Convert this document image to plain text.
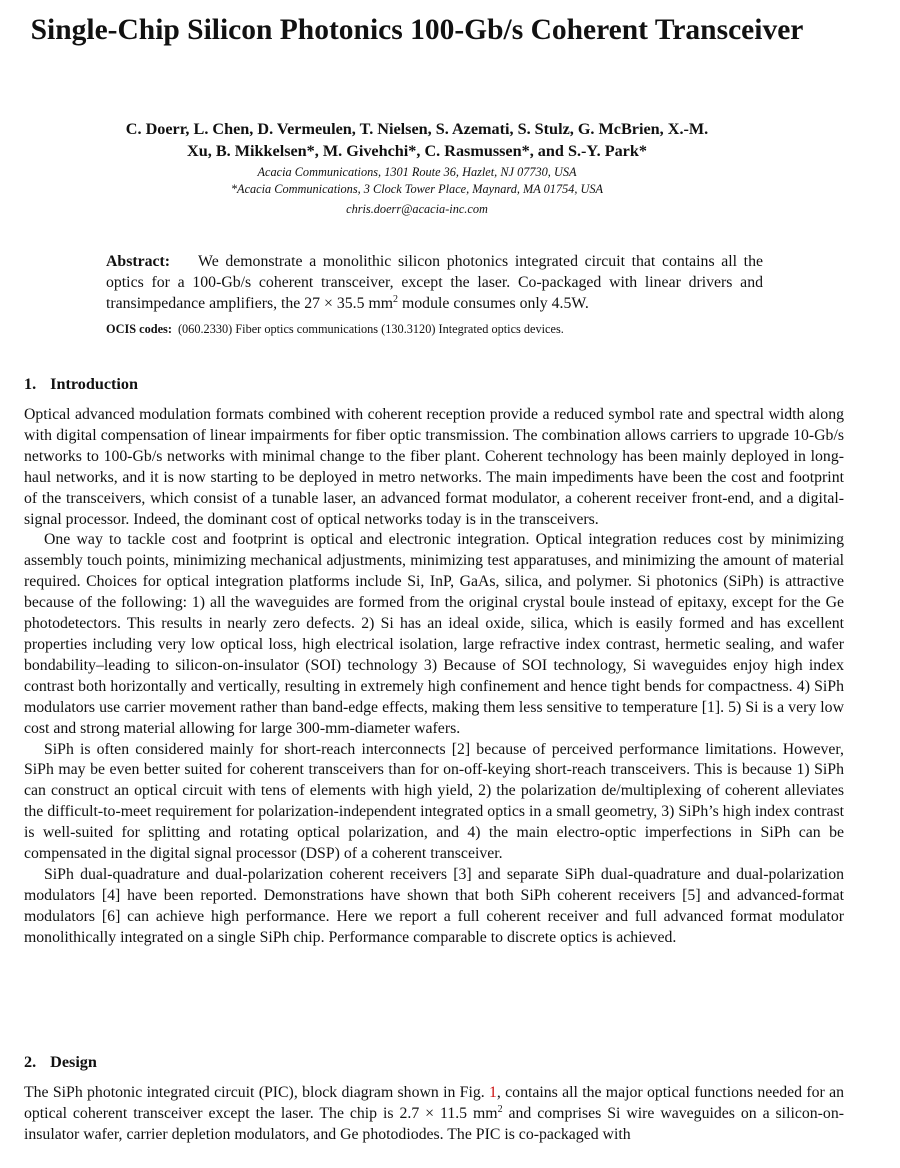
Single-Chip Silicon Photonics 100-Gb/s Coherent Transceiver
C. Doerr, L. Chen, D. Vermeulen, T. Nielsen, S. Azemati, S. Stulz, G. McBrien, X.-M.
Xu, B. Mikkelsen*, M. Givehchi*, C. Rasmussen*, and S.-Y. Park*
Acacia Communications, 1301 Route 36, Hazlet, NJ 07730, USA
*Acacia Communications, 3 Clock Tower Place, Maynard, MA 01754, USA
chris.doerr@acacia-inc.com
Abstract: We demonstrate a monolithic silicon photonics integrated circuit that contains all the optics for a 100-Gb/s coherent transceiver, except the laser. Co-packaged with linear drivers and transimpedance amplifiers, the 27 × 35.5 $mm^2$ module consumes only 4.5W.
OCIS codes: (060.2330) Fiber optics communications (130.3120) Integrated optics devices.
1. Introduction

Optical advanced modulation formats combined with coherent reception provide a reduced symbol rate and spectral width along with digital compensation of linear impairments for fiber optic transmission. The combination allows carriers to upgrade 10-Gb/s networks to 100-Gb/s networks with minimal change to the fiber plant. Coherent technology has been mainly deployed in long-haul networks, and it is now starting to be deployed in metro networks. The main impediments have been the cost and footprint of the transceivers, which consist of a tunable laser, an advanced format modulator, a coherent receiver front-end, and a digital-signal processor. Indeed, the dominant cost of optical networks today is in the transceivers.

One way to tackle cost and footprint is optical and electronic integration. Optical integration reduces cost by minimizing assembly touch points, minimizing mechanical adjustments, minimizing test apparatuses, and minimizing the amount of material required. Choices for optical integration platforms include Si, InP, GaAs, silica, and polymer. Si photonics (SiPh) is attractive because of the following: 1) all the waveguides are formed from the original crystal boule instead of epitaxy, except for the Ge photodetectors. This results in nearly zero defects. 2) Si has an ideal oxide, silica, which is easily formed and has excellent properties including very low optical loss, high electrical isolation, large refractive index contrast, hermetic sealing, and wafer bondability–leading to silicon-on-insulator (SOI) technology 3) Because of SOI technology, Si waveguides enjoy high index contrast both horizontally and vertically, resulting in extremely high confinement and hence tight bends for compactness. 4) SiPh modulators use carrier movement rather than band-edge effects, making them less sensitive to temperature [1]. 5) Si is a very low cost and strong material allowing for large 300-mm-diameter wafers.

SiPh is often considered mainly for short-reach interconnects [2] because of perceived performance limitations. However, SiPh may be even better suited for coherent transceivers than for on-off-keying short-reach transceivers. This is because 1) SiPh can construct an optical circuit with tens of elements with high yield, 2) the polarization de/multiplexing of coherent alleviates the difficult-to-meet requirement for polarization-independent integrated optics in a small geometry, 3) SiPh’s high index contrast is well-suited for splitting and rotating optical polarization, and 4) the main electro-optic imperfections in SiPh can be compensated in the digital signal processor (DSP) of a coherent transceiver.

SiPh dual-quadrature and dual-polarization coherent receivers [3] and separate SiPh dual-quadrature and dual-polarization modulators [4] have been reported. Demonstrations have shown that both SiPh coherent receivers [5] and advanced-format modulators [6] can achieve high performance. Here we report a full coherent receiver and full advanced format modulator monolithically integrated on a single SiPh chip. Performance comparable to discrete optics is achieved.

2. Design

The SiPh photonic integrated circuit (PIC), block diagram shown in Fig. 1, contains all the major optical functions needed for an optical coherent transceiver except the laser. The chip is 2.7 × 11.5 $mm^2$ and comprises Si wire waveguides on a silicon-on-insulator wafer, carrier depletion modulators, and Ge photodiodes. The PIC is co-packaged with
